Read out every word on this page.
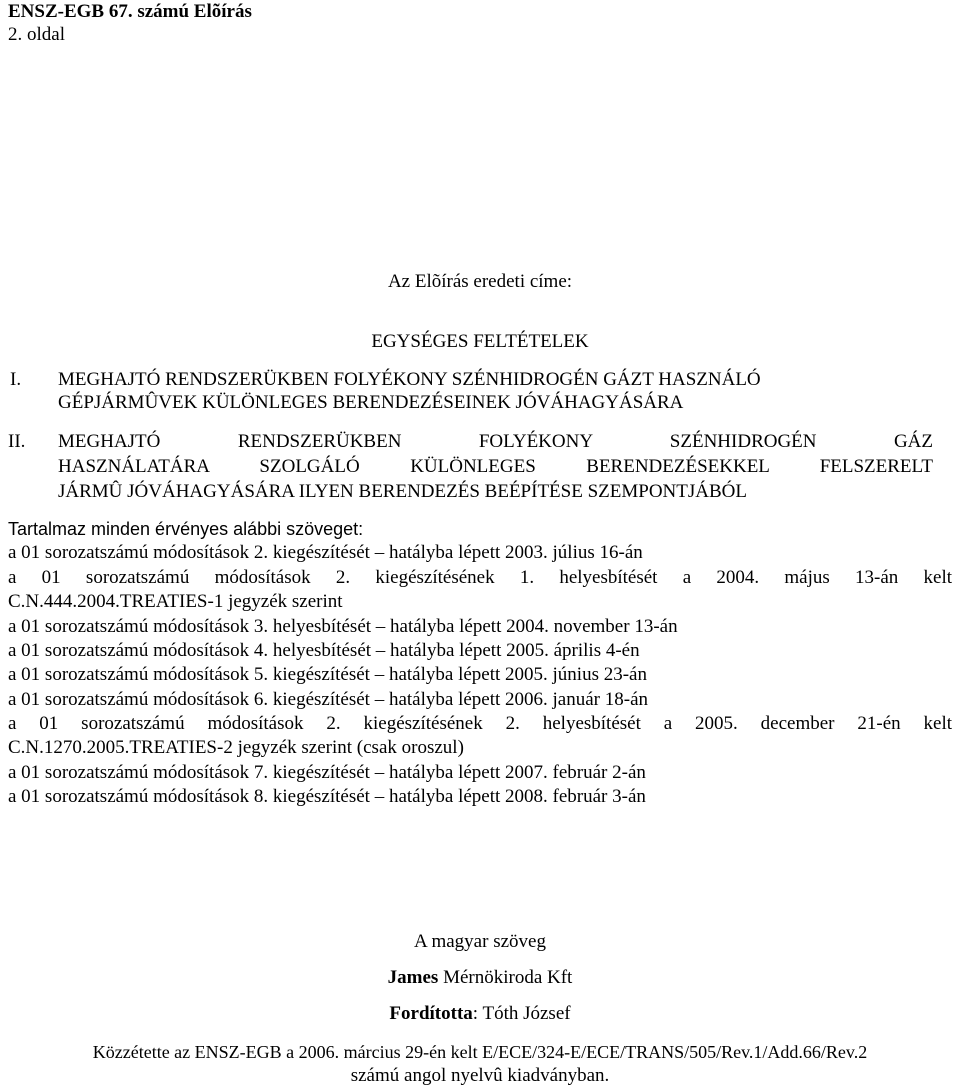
ENSZ-EGB 67. számú Elõírás
2. oldal
Az Elõírás eredeti címe:
EGYSÉGES FELTÉTELEK
I. MEGHAJTÓ RENDSZERÜKBEN FOLYÉKONY SZÉNHIDROGÉN GÁZT HASZNÁLÓ
GÉPJÁRMÛVEK KÜLÖNLEGES BERENDEZÉSEINEK JÓVÁHAGYÁSÁRA
II. MEGHAJTÓ RENDSZERÜKBEN FOLYÉKONY SZÉNHIDROGÉN GÁZ
HASZNÁLATÁRA SZOLGÁLÓ KÜLÖNLEGES BERENDEZÉSEKKEL FELSZERELT
JÁRMÛ JÓVÁHAGYÁSÁRA ILYEN BERENDEZÉS BEÉPÍTÉSE SZEMPONTJÁBÓL
Tartalmaz minden érvényes alábbi szöveget:
a 01 sorozatszámú módosítások 2. kiegészítését – hatályba lépett 2003. július 16-án
a 01 sorozatszámú módosítások 2. kiegészítésének 1. helyesbítését a 2004. május 13-án kelt
C.N.444.2004.TREATIES-1 jegyzék szerint
a 01 sorozatszámú módosítások 3. helyesbítését – hatályba lépett 2004. november 13-án
a 01 sorozatszámú módosítások 4. helyesbítését – hatályba lépett 2005. április 4-én
a 01 sorozatszámú módosítások 5. kiegészítését – hatályba lépett 2005. június 23-án
a 01 sorozatszámú módosítások 6. kiegészítését – hatályba lépett 2006. január 18-án
a 01 sorozatszámú módosítások 2. kiegészítésének 2. helyesbítését a 2005. december 21-én kelt
C.N.1270.2005.TREATIES-2 jegyzék szerint (csak oroszul)
a 01 sorozatszámú módosítások 7. kiegészítését – hatályba lépett 2007. február 2-án
a 01 sorozatszámú módosítások 8. kiegészítését – hatályba lépett 2008. február 3-án
A magyar szöveg
James Mérnökiroda Kft
Fordította: Tóth József
Közzétette az ENSZ-EGB a 2006. március 29-én kelt E/ECE/324-E/ECE/TRANS/505/Rev.1/Add.66/Rev.2
számú angol nyelvû kiadványban.
